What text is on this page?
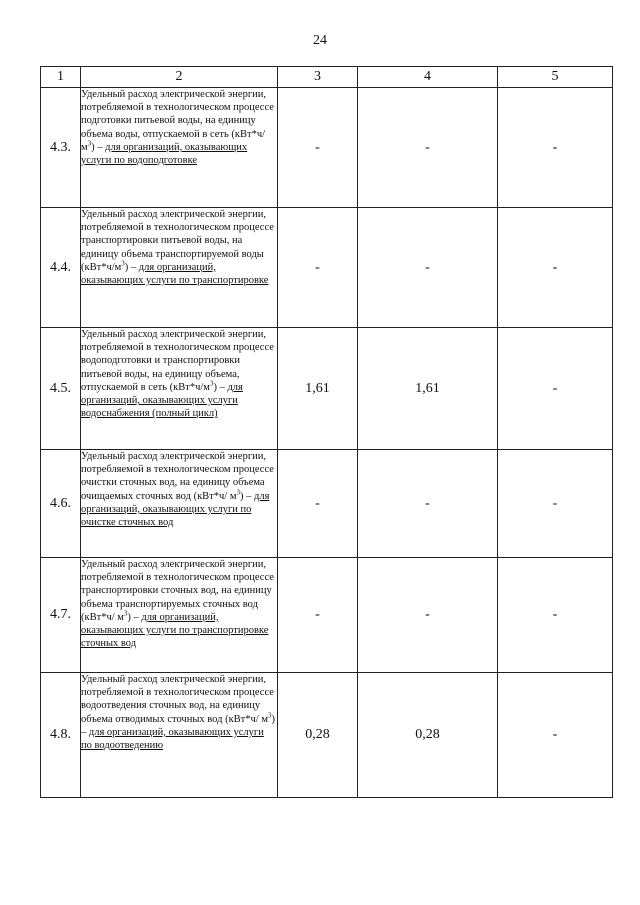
24
1	2	3	4	5
4.3.	Удельный расход электрической энергии, потребляемой в технологическом процессе подготовки питьевой воды, на единицу объема воды, отпускаемой в сеть $(кВт*ч/м^3)$ – для организаций, оказывающих услуги по водоподготовке	-	-	-
4.4.	Удельный расход электрической энергии, потребляемой в технологическом процессе транспортировки питьевой воды, на единицу объема транспортируемой воды $(кВт*ч/м^3)$ – для организаций, оказывающих услуги по транспортировке	-	-	-
4.5.	Удельный расход электрической энергии, потребляемой в технологическом процессе водоподготовки и транспортировки питьевой воды, на единицу объема, отпускаемой в сеть $(кВт*ч/м^3)$ – для организаций, оказывающих услуги водоснабжения (полный цикл)	1,61	1,61	-
4.6.	Удельный расход электрической энергии, потребляемой в технологическом процессе очистки сточных вод, на единицу объема очищаемых сточных вод (кВт*ч/ $м^3$) – для организаций, оказывающих услуги по очистке сточных вод	-	-	-
4.7.	Удельный расход электрической энергии, потребляемой в технологическом процессе транспортировки сточных вод, на единицу объема транспортируемых сточных вод (кВт*ч/ $м^3$) – для организаций, оказывающих услуги по транспортировке сточных вод	-	-	-
4.8.	Удельный расход электрической энергии, потребляемой в технологическом процессе водоотведения сточных вод, на единицу объема отводимых сточных вод (кВт*ч/ $м^3$) – для организаций, оказывающих услуги по водоотведению	0,28	0,28	-
